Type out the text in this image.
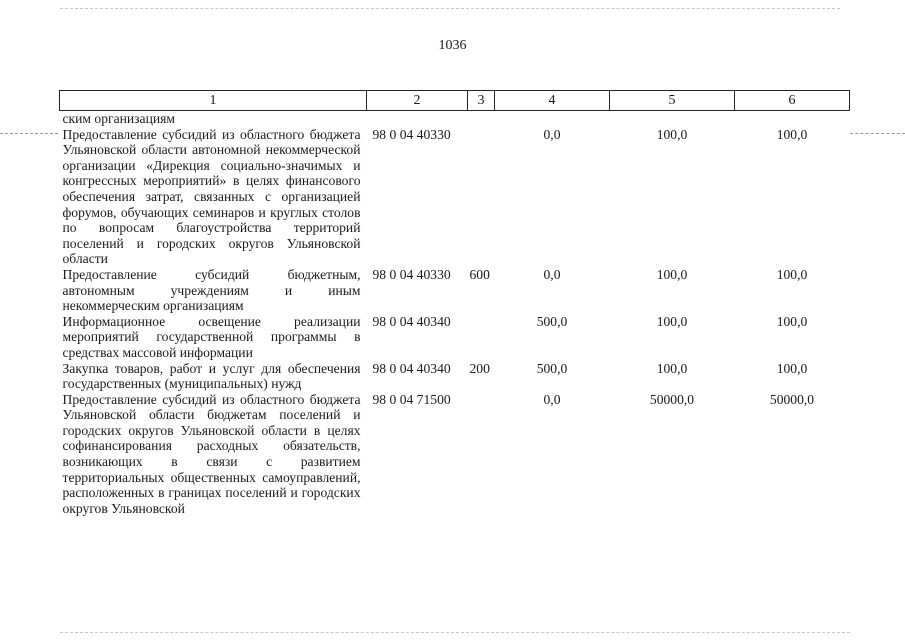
1036
1	2	3	4	5	6
ским организациям					
Предоставление субсидий из областного бюджета Ульяновской области автономной некоммерческой организации «Дирекция социально-значимых и конгрессных мероприятий» в целях финансового обеспечения затрат, связанных с организацией форумов, обучающих семинаров и круглых столов по вопросам благоустройства территорий поселений и городских округов Ульяновской области	98 0 04 40330		0,0	100,0	100,0
Предоставление субсидий бюджетным, автономным учреждениям и иным некоммерческим организациям	98 0 04 40330	600	0,0	100,0	100,0
Информационное освещение реализации мероприятий государственной программы в средствах массовой информации	98 0 04 40340		500,0	100,0	100,0
Закупка товаров, работ и услуг для обеспечения государственных (муниципальных) нужд	98 0 04 40340	200	500,0	100,0	100,0
Предоставление субсидий из областного бюджета Ульяновской области бюджетам поселений и городских округов Ульяновской области в целях софинансирования расходных обязательств, возникающих в связи с развитием территориальных общественных самоуправлений, расположенных в границах поселений и городских округов Ульяновской	98 0 04 71500		0,0	50000,0	50000,0
